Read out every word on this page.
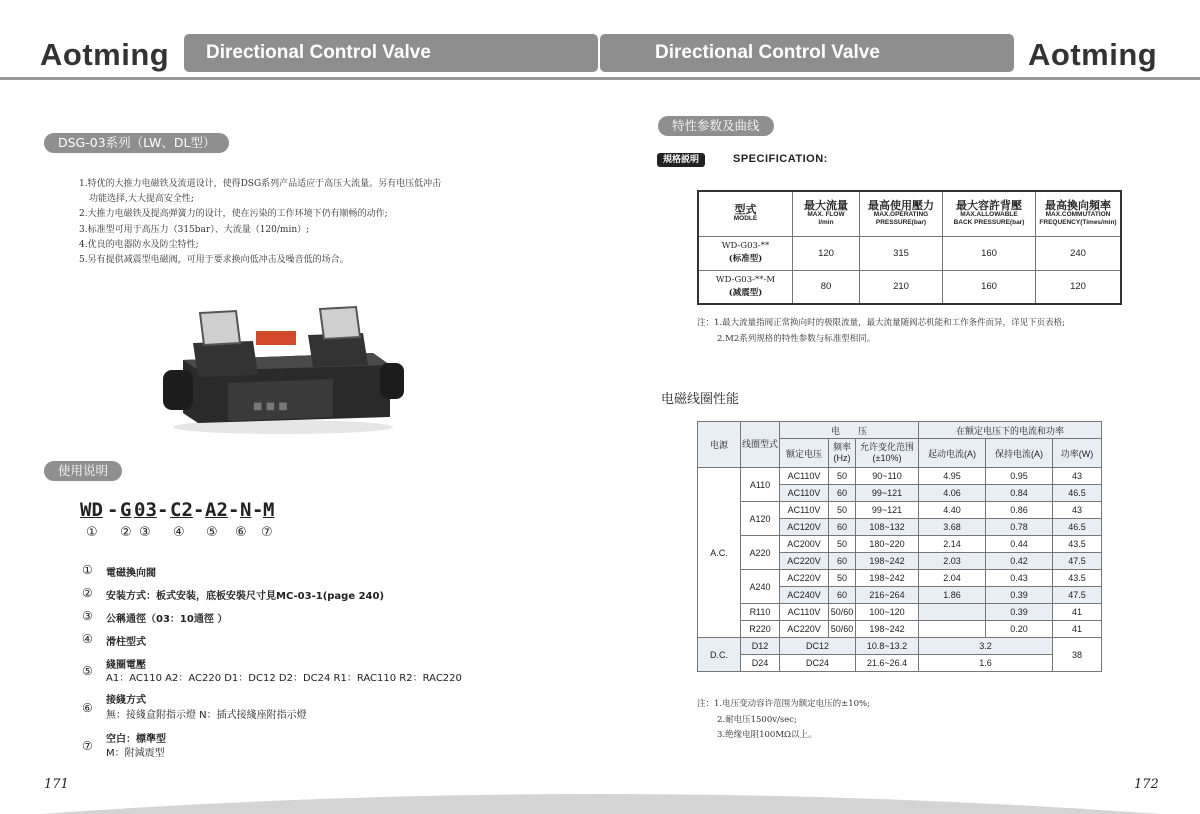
Aotming Directional Control Valve	Directional Control Valve	Aotming
DSG-03系列（LW、DL型）
1.特优的大推力电磁铁及流道设计，使得DSG系列产品适应于高压大流量。另有电压低冲击
功能选择,大大提高安全性;
2.大推力电磁铁及提高弹簧力的设计，使在污染的工作环境下仍有顺畅的动作;
3.标准型可用于高压力（315bar）、大流量（120/min）;
4.优良的电器防水及防尘特性;
5.另有提供减震型电磁阀，可用于要求换向低冲击及噪音低的场合。
■ ■ ■
使用说明
WD - G 03 - C2 - A2 - N - M
① ② ③ ④ ⑤ ⑥ ⑦
① 電磁換向閥
② 安装方式：板式安装，底板安裝尺寸見MC-03-1(page 240)
③ 公稱通徑（03：10通徑 ）
④ 滑柱型式
⑤ 綫圈電壓
A1：AC110 A2：AC220 D1：DC12 D2：DC24 R1：RAC110 R2：RAC220
⑥
接綫方式
無：接綫盒附指示燈 N：插式接綫座附指示燈
⑦ 空白：標準型
M：附減震型
171
特性参数及曲线
規格説明	SPECIFICATION:
型式
MODLE	最大流量
MAX. FLOW
l/min	最高使用壓力
MAX.OPERATING
PRESSURE(bar)	最大容許背壓
MAX.ALLOWABLE
BACK PRESSURE(bar)	最高換向頻率
MAX.COMMUTATION
FREQUENCY(Times/min)

WD-G03-**
(标准型)	120	315	160	240

WD-G03-**-M
(减震型)	80	210	160	120
注：1.最大流量指阀正常换向时的极限流量，最大流量随阀芯机能和工作条件而异，详见下页表格;
2.M2系列规格的特性参数与标准型相同。
电磁线圈性能
电源	线圈型式	电　　压			在额定电压下的电流和功率		
		额定电压	频率(Hz)	允许变化范围(±10%)	起动电流(A)	保持电流(A)	功率(W)
A.C.	A110	AC110V	50	90~110	4.95	0.95	43
		AC110V	60	99~121	4.06	0.84	46.5
	A120	AC110V	50	99~121	4.40	0.86	43
		AC120V	60	108~132	3.68	0.78	46.5
	A220	AC200V	50	180~220	2.14	0.44	43.5
		AC220V	60	198~242	2.03	0.42	47.5
	A240	AC220V	50	198~242	2.04	0.43	43.5
		AC240V	60	216~264	1.86	0.39	47.5
	R110	AC110V	50/60	100~120		0.39	41
	R220	AC220V	50/60	198~242		0.20	41
D.C.	D12	DC12		10.8~13.2	3.2		38
	D24	DC24		21.6~26.4	1.6		
注：1.电压变动容许范围为额定电压的±10%;
2.耐电压1500v/sec;
3.绝缘电阻100MΩ以上。
172
